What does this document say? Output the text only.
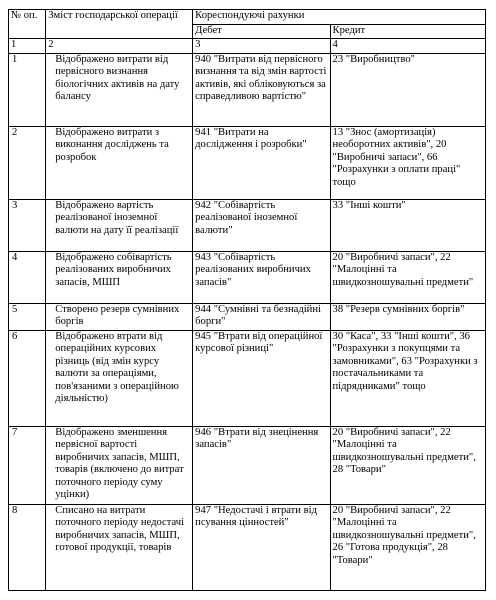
№ оп.	Зміст господарської операції	Кореспондуючі рахунки	
		Дебет	Кредит
1	2	3	4
1	Відображено витрати від первісного визнання біологічних активів на дату балансу	940 "Витрати від первісного визнання та від змін вартості активів, які обліковуються за справедливою вартістю"	23 "Виробництво"
2	Відображено витрати з виконання досліджень та розробок	941 "Витрати на дослідження і розробки"	13 "Знос (амортизація) необоротних активів", 20 "Виробничі запаси", 66 "Розрахунки з оплати праці" тощо
3	Відображено вартість реалізованої іноземної валюти на дату її реалізації	942 "Собівартість реалізованої іноземної валюти"	33 "Інші кошти"
4	Відображено собівартість реалізованих виробничих запасів, МШП	943 "Собівартість реалізованих виробничих запасів"	20 "Виробничі запаси", 22 "Малоцінні та швидкозношувальні предмети"
5	Створено резерв сумнівних боргів	944 "Сумнівні та безнадійні борги"	38 "Резерв сумнівних боргів"
6	Відображено втрати від операційних курсових різниць (від змін курсу валюти за операціями, пов'язаними з операційною діяльністю)	945 "Втрати від операційної курсової різниці"	30 "Каса", 33 "Інші кошти", 36 "Розрахунки з покупцями та замовниками", 63 "Розрахунки з постачальниками та підрядниками" тощо
7	Відображено зменшення первісної вартості виробничих запасів, МШП, товарів (включено до витрат поточного періоду суму уцінки)	946 "Втрати від знецінення запасів"	20 "Виробничі запаси", 22 "Малоцінні та швидкозношувальні предмети", 28 "Товари"
8	Списано на витрати поточного періоду недостачі виробничих запасів, МШП, готової продукції, товарів	947 "Недостачі і втрати від псування цінностей"	20 "Виробничі запаси", 22 "Малоцінні та швидкозношувальні предмети", 26 "Готова продукція", 28 "Товари"
